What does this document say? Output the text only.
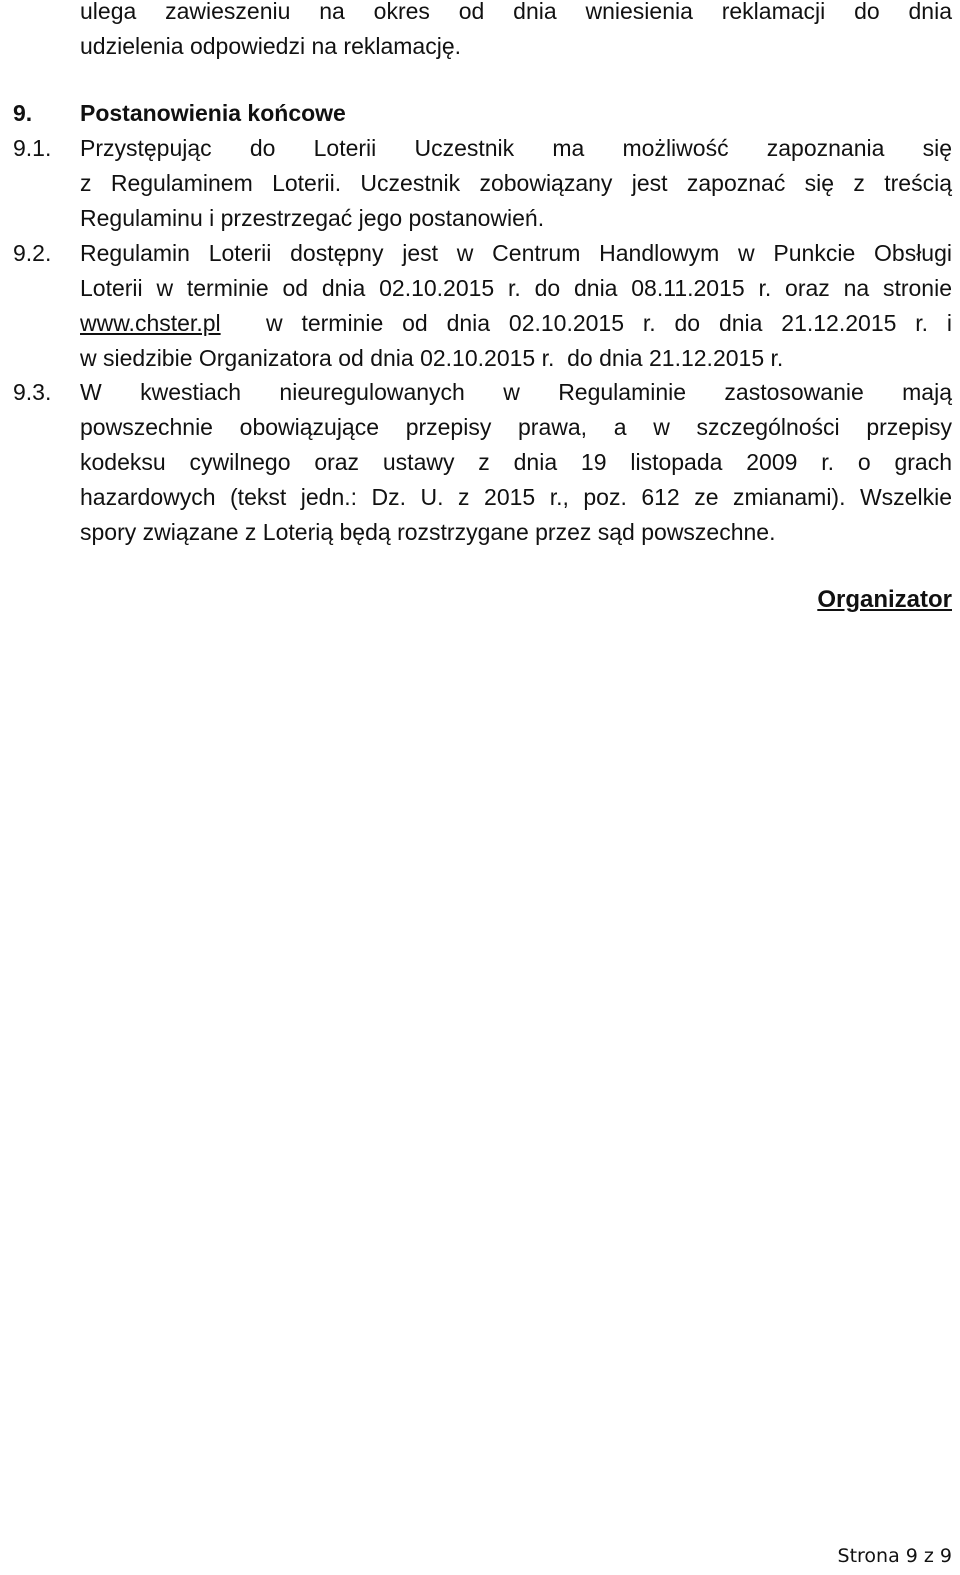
ulega zawieszeniu na okres od dnia wniesienia reklamacji do dnia
udzielenia odpowiedzi na reklamację.
9. Postanowienia końcowe
9.1. Przystępując do Loterii Uczestnik ma możliwość zapoznania się
z Regulaminem Loterii. Uczestnik zobowiązany jest zapoznać się z treścią
Regulaminu i przestrzegać jego postanowień.
9.2. Regulamin Loterii dostępny jest w Centrum Handlowym w Punkcie Obsługi
Loterii w terminie od dnia 02.10.2015 r. do dnia 08.11.2015 r. oraz na stronie
www.chster.pl w terminie od dnia 02.10.2015 r. do dnia 21.12.2015 r. i
w siedzibie Organizatora od dnia 02.10.2015 r.  do dnia 21.12.2015 r.
9.3. W kwestiach nieuregulowanych w Regulaminie zastosowanie mają
powszechnie obowiązujące przepisy prawa, a w szczególności przepisy
kodeksu cywilnego oraz ustawy z dnia 19 listopada 2009 r. o grach
hazardowych (tekst jedn.: Dz. U. z 2015 r., poz. 612 ze zmianami). Wszelkie
spory związane z Loterią będą rozstrzygane przez sąd powszechne.
Organizator
Strona 9 z 9
